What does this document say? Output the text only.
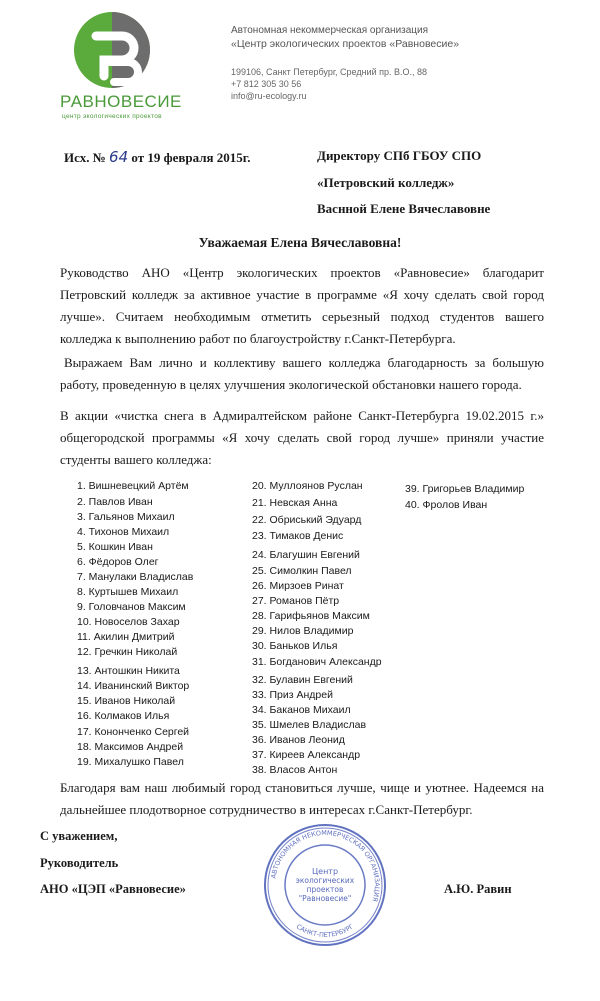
РАВНОВЕСИЕ
центр экологических проектов
Автономная некоммерческая организация
«Центр экологических проектов «Равновесие»
199106, Санкт Петербург, Средний пр. В.О., 88
+7 812 305 30 56
info@ru-ecology.ru
Исх. № 64 от 19 февраля 2015г.	Директору СПб ГБОУ СПО
«Петровский колледж»
Васнной Елене Вячеславовне
Уважаемая Елена Вячеславовна!
Руководство АНО «Центр экологических проектов «Равновесие» благодарит Петровский колледж за активное участие в программе «Я хочу сделать свой город лучше». Считаем необходимым отметить серьезный подход студентов вашего колледжа к выполнению работ по благоустройству г.Санкт-Петербурга.
Выражаем Вам лично и коллективу вашего колледжа благодарность за большую работу, проведенную в целях улучшения экологической обстановки нашего города.
В акции «чистка снега в Адмиралтейском районе Санкт-Петербурга 19.02.2015 г.» общегородской программы «Я хочу сделать свой город лучше» приняли участие студенты вашего колледжа:
1. Вишневецкий Артём
2. Павлов Иван
3. Гальянов Михаил
4. Тихонов Михаил
5. Кошкин Иван
6. Фёдоров Олег
7. Манулаки Владислав
8. Куртышев Михаил
9. Головчанов Максим
10. Новоселов Захар
11. Акилин Дмитрий
12. Гречкин Николай
13. Антошкин Никита
14. Иванинский Виктор
15. Иванов Николай
16. Колмаков Илья
17. Конончeнко Сергей
18. Максимов Андрей
19. Михалушко Павел
20. Муллоянов Руслан
21. Невская Анна
22. Обриський Эдуард
23. Тимаков Денис
24. Благушин Евгений
25. Симолкин Павел
26. Мирзоев Ринат
27. Романов Пётр
28. Гарифьянов Максим
29. Нилов Владимир
30. Баньков Илья
31. Богданович Александр
32. Булавин Евгений
33. Приз Андрей
34. Баканов Михаил
35. Шмелев Владислав
36. Иванов Леонид
37. Киреев Александр
38. Власов Антон
39. Григорьев Владимир
40. Фролов Иван
Благодаря вам наш любимый город становиться лучше, чище и уютнее. Надеемся на дальнейшее плодотворное сотрудничество в интересах г.Санкт-Петербург.
С уважением,
Руководитель
АНО «ЦЭП «Равновесие»	А.Ю. Равин
АВТОНОМНАЯ НЕКОММЕРЧЕСКАЯ ОРГАНИЗАЦИЯ
САНКТ-ПЕТЕРБУРГ
Центр
экологических
проектов
"Равновесие"
